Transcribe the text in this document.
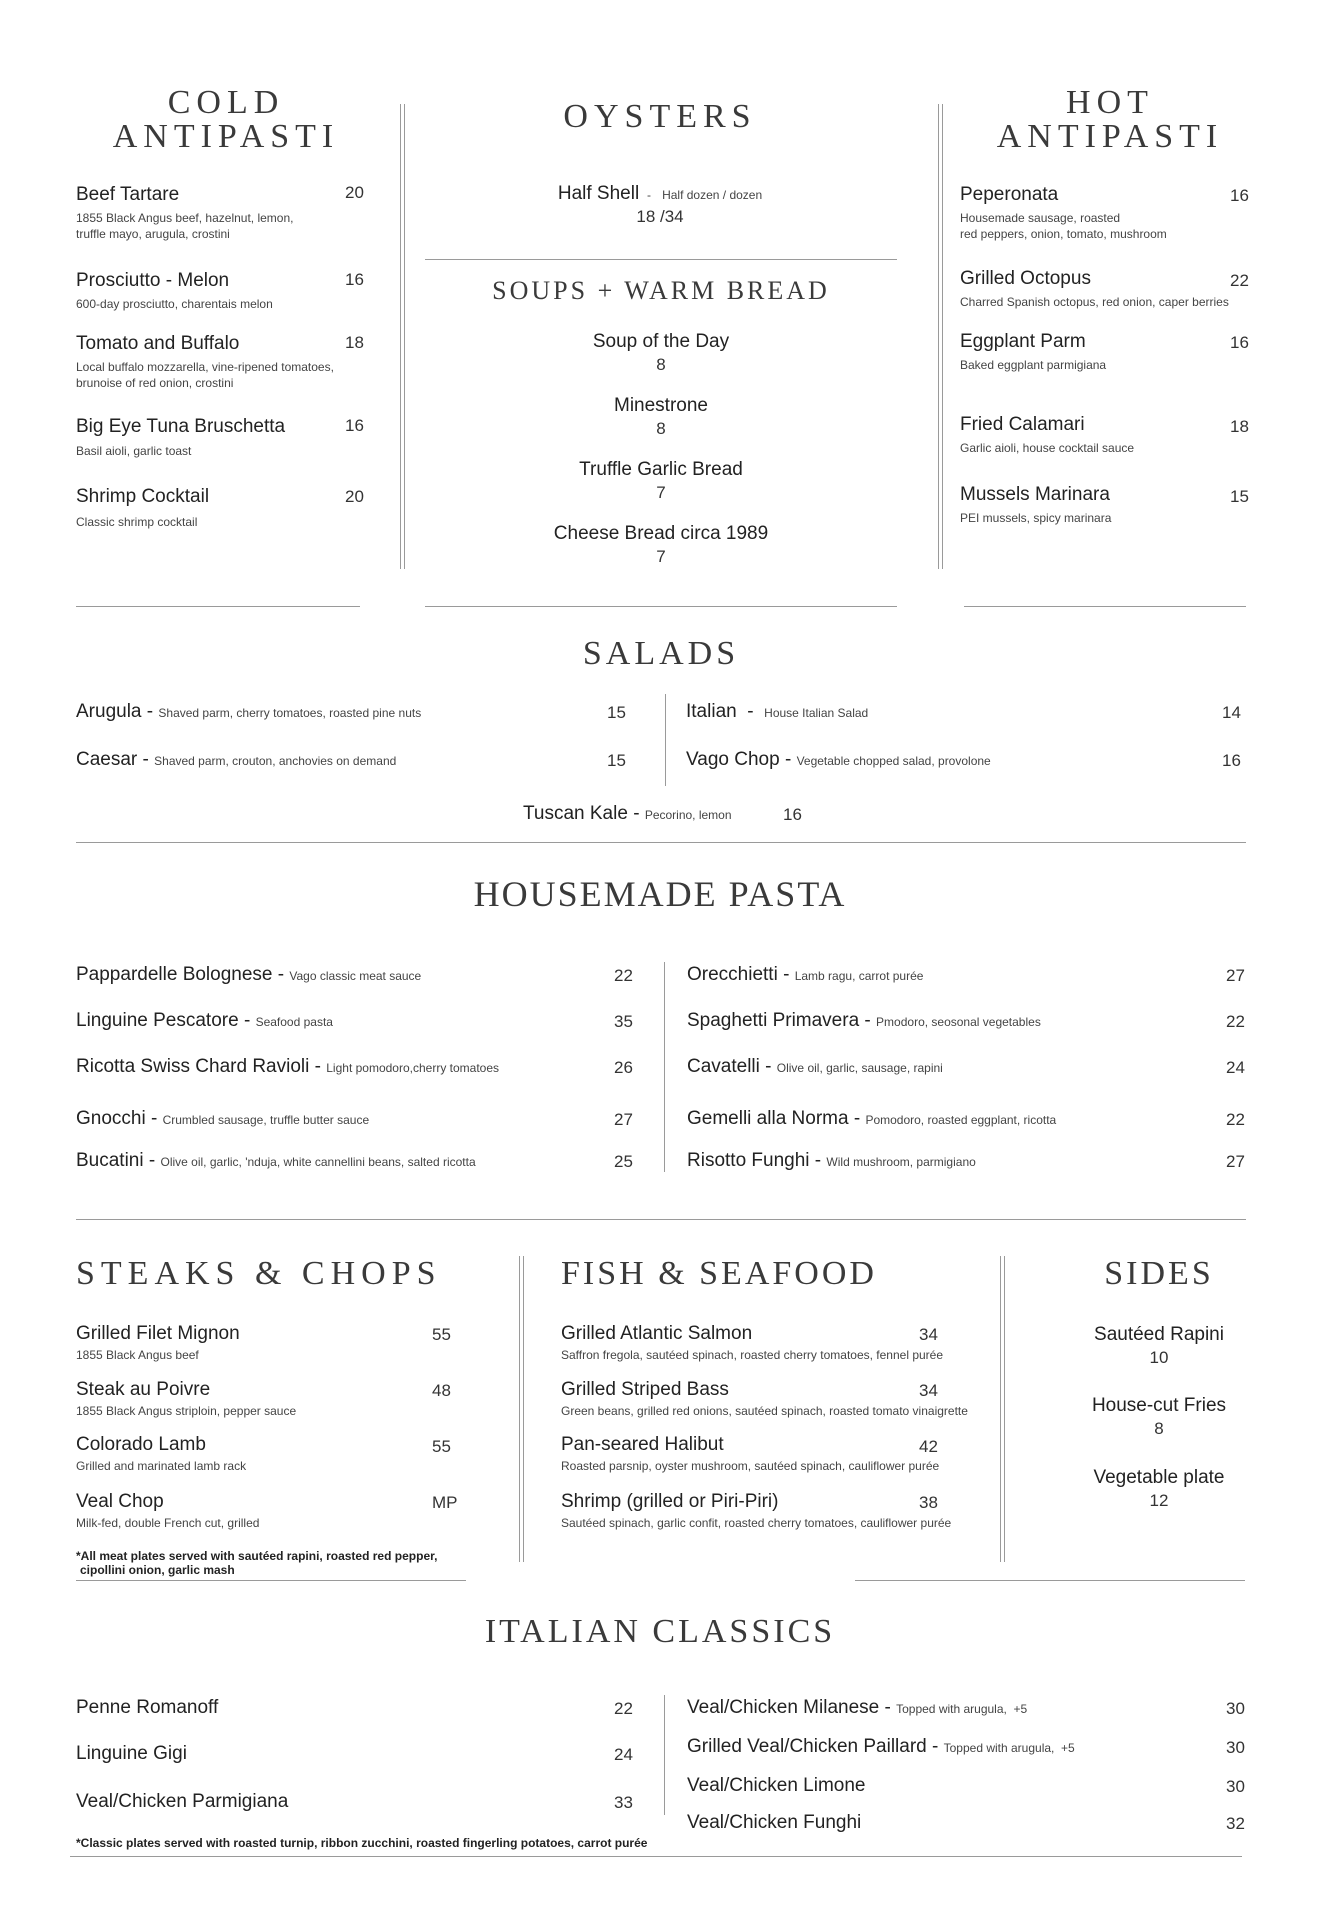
COLD
ANTIPASTI
Beef Tartare	20
1855 Black Angus beef, hazelnut, lemon,
truffle mayo, arugula, crostini
Prosciutto - Melon	16
600-day prosciutto, charentais melon
Tomato and Buffalo	18
Local buffalo mozzarella, vine-ripened tomatoes,
brunoise of red onion, crostini
Big Eye Tuna Bruschetta	16
Basil aioli, garlic toast
Shrimp Cocktail	20
Classic shrimp cocktail
OYSTERS
Half Shell  -   Half dozen / dozen
18 /34
SOUPS + WARM BREAD
Soup of the Day
8
Minestrone
8
Truffle Garlic Bread
7
Cheese Bread circa 1989
7
HOT
ANTIPASTI
Peperonata	16
Housemade sausage, roasted
red peppers, onion, tomato, mushroom
Grilled Octopus	22
Charred Spanish octopus, red onion, caper berries
Eggplant Parm	16
Baked eggplant parmigiana
Fried Calamari	18
Garlic aioli, house cocktail sauce
Mussels Marinara	15
PEI mussels, spicy marinara
SALADS
Arugula - Shaved parm, cherry tomatoes, roasted pine nuts	15
Caesar - Shaved parm, crouton, anchovies on demand	15
Italian  -  House Italian Salad	14
Vago Chop - Vegetable chopped salad, provolone	16
Tuscan Kale - Pecorino, lemon	16
HOUSEMADE PASTA
Pappardelle Bolognese - Vago classic meat sauce	22
Linguine Pescatore - Seafood pasta	35
Ricotta Swiss Chard Ravioli - Light pomodoro,cherry tomatoes	26
Gnocchi - Crumbled sausage, truffle butter sauce	27
Bucatini - Olive oil, garlic, 'nduja, white cannellini beans, salted ricotta	25
Orecchietti - Lamb ragu, carrot purée	27
Spaghetti Primavera - Pmodoro, seosonal vegetables	22
Cavatelli - Olive oil, garlic, sausage, rapini	24
Gemelli alla Norma - Pomodoro, roasted eggplant, ricotta	22
Risotto Funghi - Wild mushroom, parmigiano	27
STEAKS & CHOPS
Grilled Filet Mignon	55
1855 Black Angus beef
Steak au Poivre	48
1855 Black Angus striploin, pepper sauce
Colorado Lamb	55
Grilled and marinated lamb rack
Veal Chop	MP
Milk-fed, double French cut, grilled
*All meat plates served with sautéed rapini, roasted red pepper,
cipollini onion, garlic mash
FISH & SEAFOOD
Grilled Atlantic Salmon	34
Saffron fregola, sautéed spinach, roasted cherry tomatoes, fennel purée
Grilled Striped Bass	34
Green beans, grilled red onions, sautéed spinach, roasted tomato vinaigrette
Pan-seared Halibut	42
Roasted parsnip, oyster mushroom, sautéed spinach, cauliflower purée
Shrimp (grilled or Piri-Piri)	38
Sautéed spinach, garlic confit, roasted cherry tomatoes, cauliflower purée
SIDES
Sautéed Rapini
10
House-cut Fries
8
Vegetable plate
12
ITALIAN CLASSICS
Penne Romanoff	22
Linguine Gigi	24
Veal/Chicken Parmigiana	33
Veal/Chicken Milanese - Topped with arugula,  +5	30
Grilled Veal/Chicken Paillard - Topped with arugula,  +5	30
Veal/Chicken Limone	30
Veal/Chicken Funghi	32
*Classic plates served with roasted turnip, ribbon zucchini, roasted fingerling potatoes, carrot purée
